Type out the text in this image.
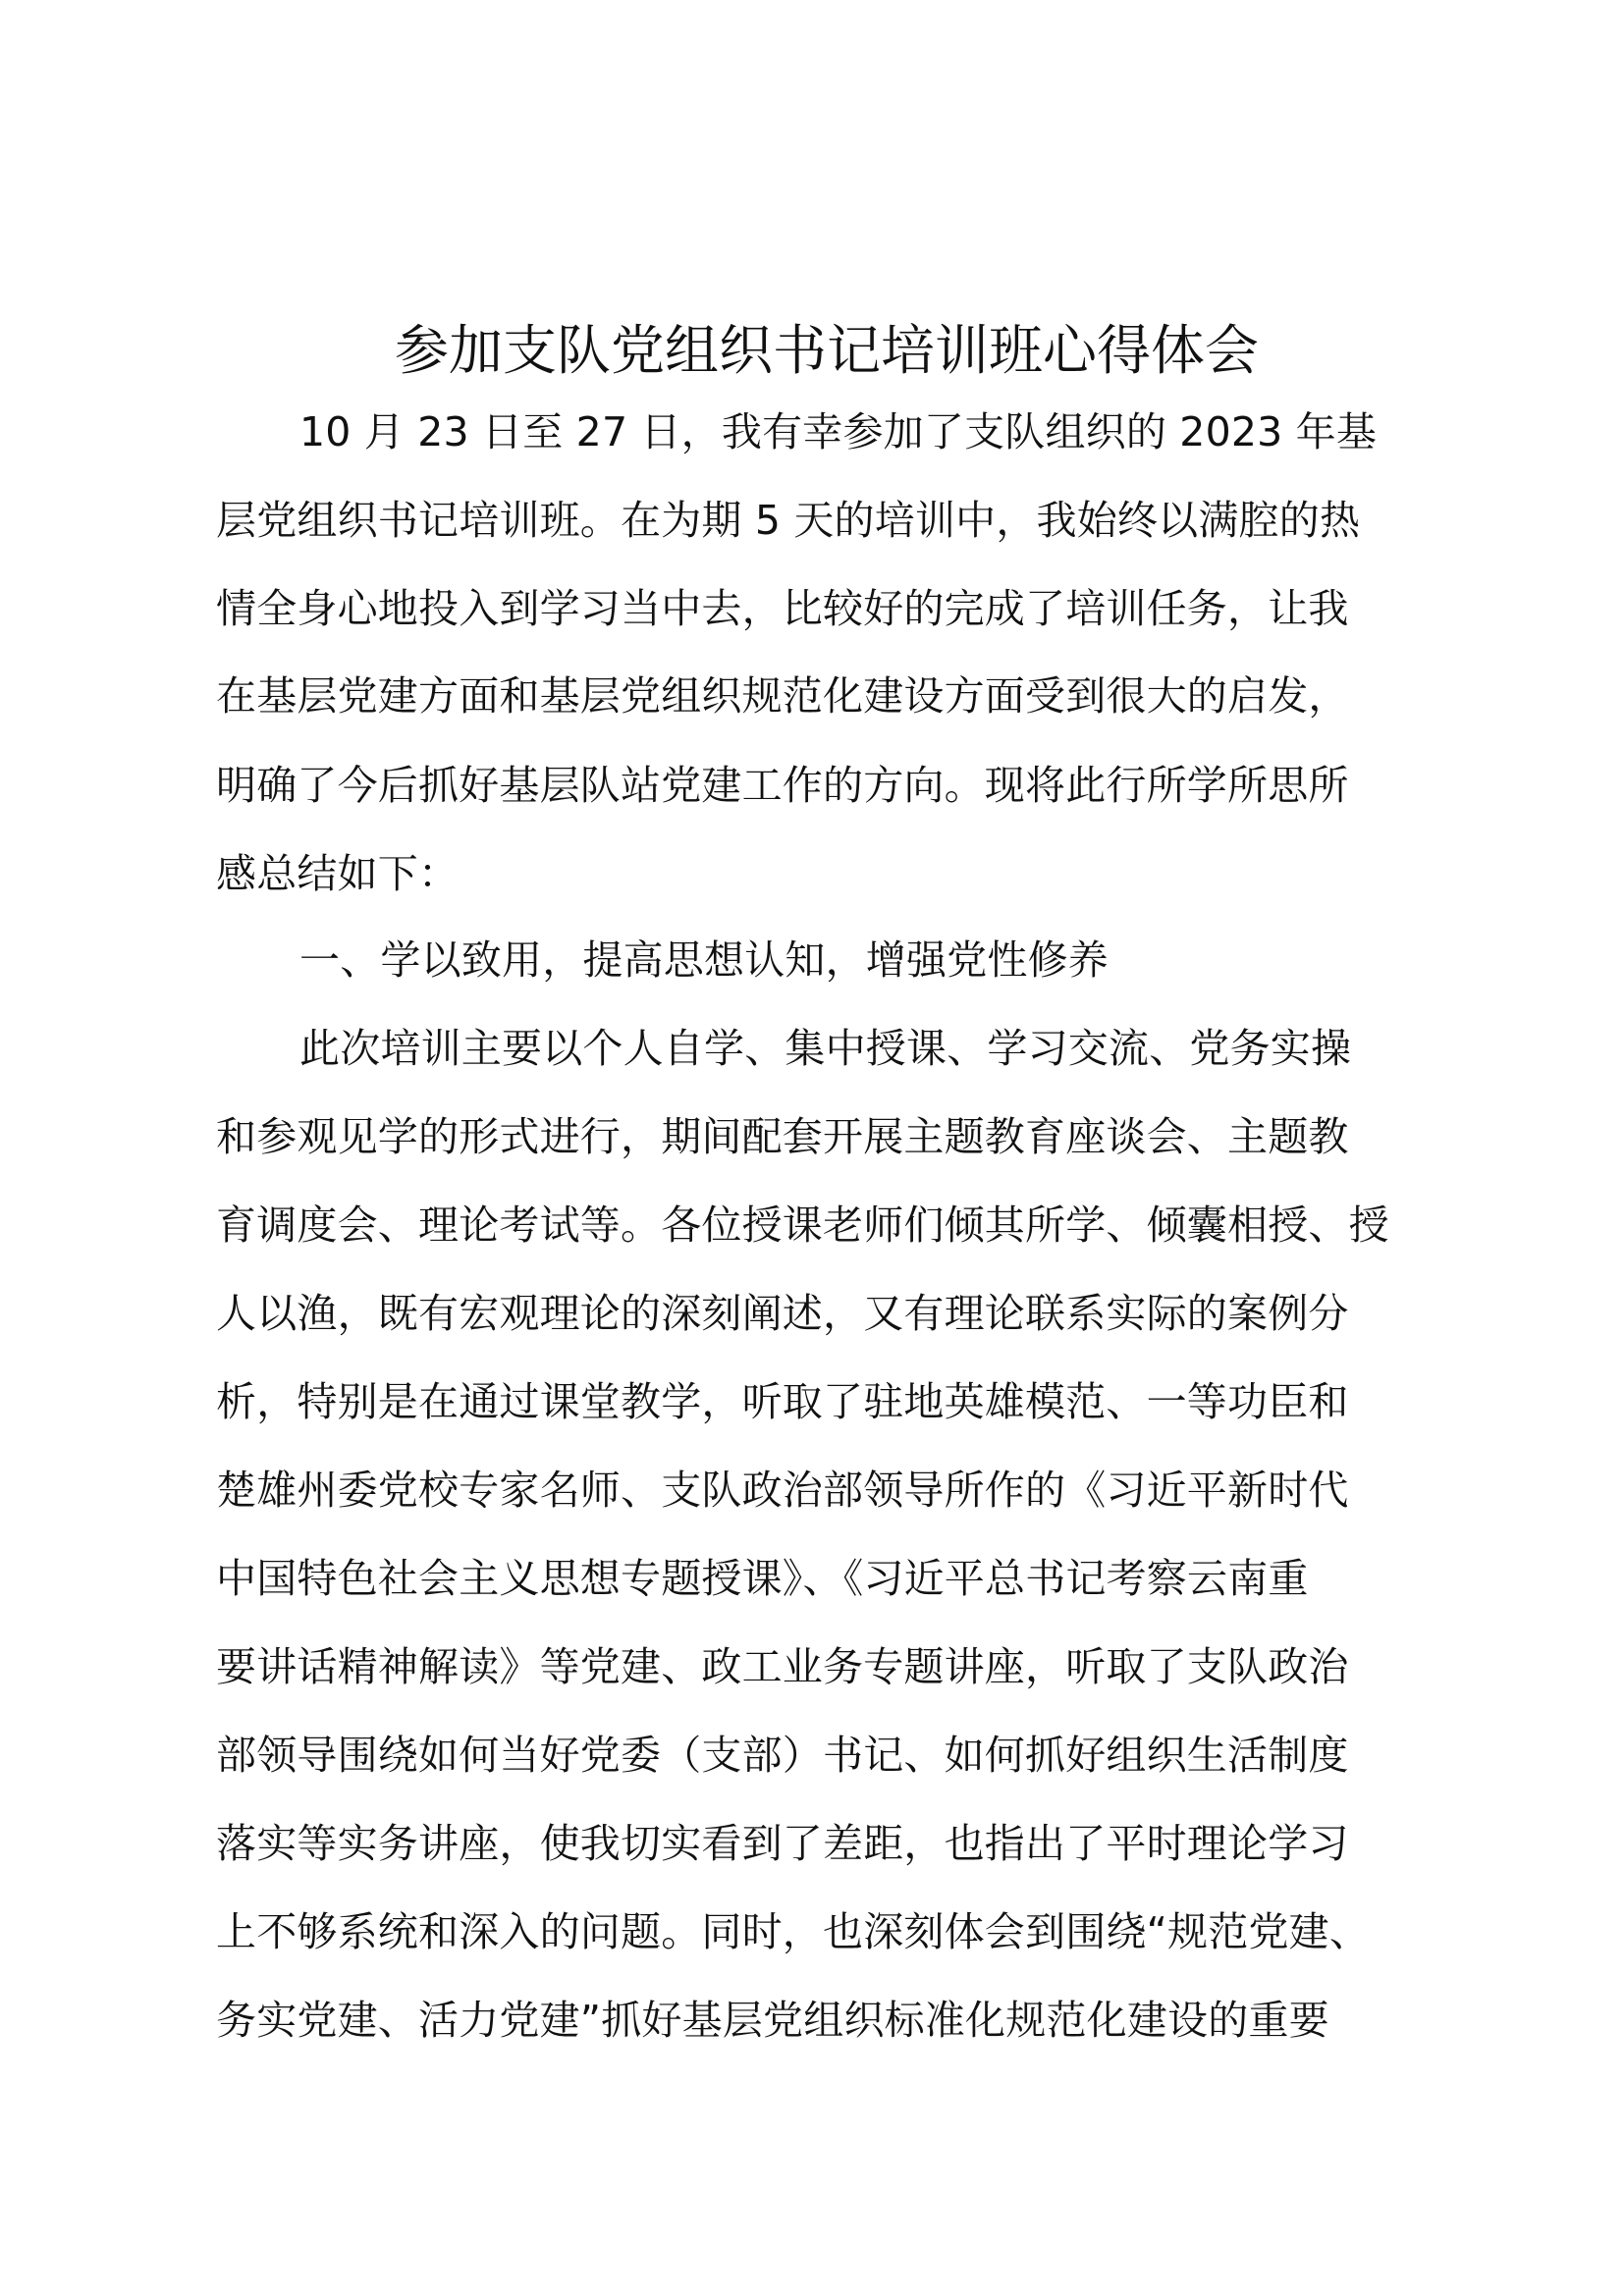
参加支队党组织书记培训班心得体会
10 月 23 日至 27 日，我有幸参加了支队组织的 2023 年基
层党组织书记培训班。在为期 5 天的培训中，我始终以满腔的热
情全身心地投入到学习当中去，比较好的完成了培训任务，让我
在基层党建方面和基层党组织规范化建设方面受到很大的启发，
明确了今后抓好基层队站党建工作的方向。现将此行所学所思所
感总结如下：
一、学以致用，提高思想认知，增强党性修养
此次培训主要以个人自学、集中授课、学习交流、党务实操
和参观见学的形式进行，期间配套开展主题教育座谈会、主题教
育调度会、理论考试等。各位授课老师们倾其所学、倾囊相授、授
人以渔，既有宏观理论的深刻阐述，又有理论联系实际的案例分
析，特别是在通过课堂教学，听取了驻地英雄模范、一等功臣和
楚雄州委党校专家名师、支队政治部领导所作的《习近平新时代
中国特色社会主义思想专题授课》、《习近平总书记考察云南重
要讲话精神解读》等党建、政工业务专题讲座，听取了支队政治
部领导围绕如何当好党委（支部）书记、如何抓好组织生活制度
落实等实务讲座，使我切实看到了差距，也指出了平时理论学习
上不够系统和深入的问题。同时，也深刻体会到围绕“规范党建、
务实党建、活力党建”抓好基层党组织标准化规范化建设的重要
